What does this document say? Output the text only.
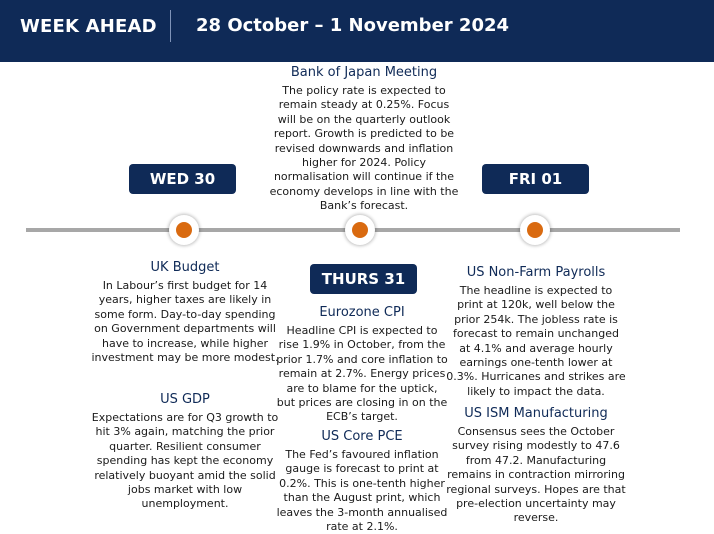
WEEK AHEAD 28 October – 1 November 2024
Bank of Japan Meeting
The policy rate is expected to remain steady at 0.25%. Focus will be on the quarterly outlook report. Growth is predicted to be revised downwards and inflation higher for 2024. Policy normalisation will continue if the economy develops in line with the Bank’s forecast.
WED 30	FRI 01
THURS 31
UK Budget
In Labour’s first budget for 14 years, higher taxes are likely in some form. Day-to-day spending on Government departments will have to increase, while higher investment may be more modest.
US GDP
Expectations are for Q3 growth to hit 3% again, matching the prior quarter. Resilient consumer spending has kept the economy relatively buoyant amid the solid jobs market with low unemployment.
Eurozone CPI
Headline CPI is expected to rise 1.9% in October, from the prior 1.7% and core inflation to remain at 2.7%. Energy prices are to blame for the uptick, but prices are closing in on the ECB’s target.
US Core PCE
The Fed’s favoured inflation gauge is forecast to print at 0.2%. This is one-tenth higher than the August print, which leaves the 3-month annualised rate at 2.1%.
US Non-Farm Payrolls
The headline is expected to print at 120k, well below the prior 254k. The jobless rate is forecast to remain unchanged at 4.1% and average hourly earnings one-tenth lower at 0.3%. Hurricanes and strikes are likely to impact the data.
US ISM Manufacturing
Consensus sees the October survey rising modestly to 47.6 from 47.2. Manufacturing remains in contraction mirroring regional surveys. Hopes are that pre-election uncertainty may reverse.
